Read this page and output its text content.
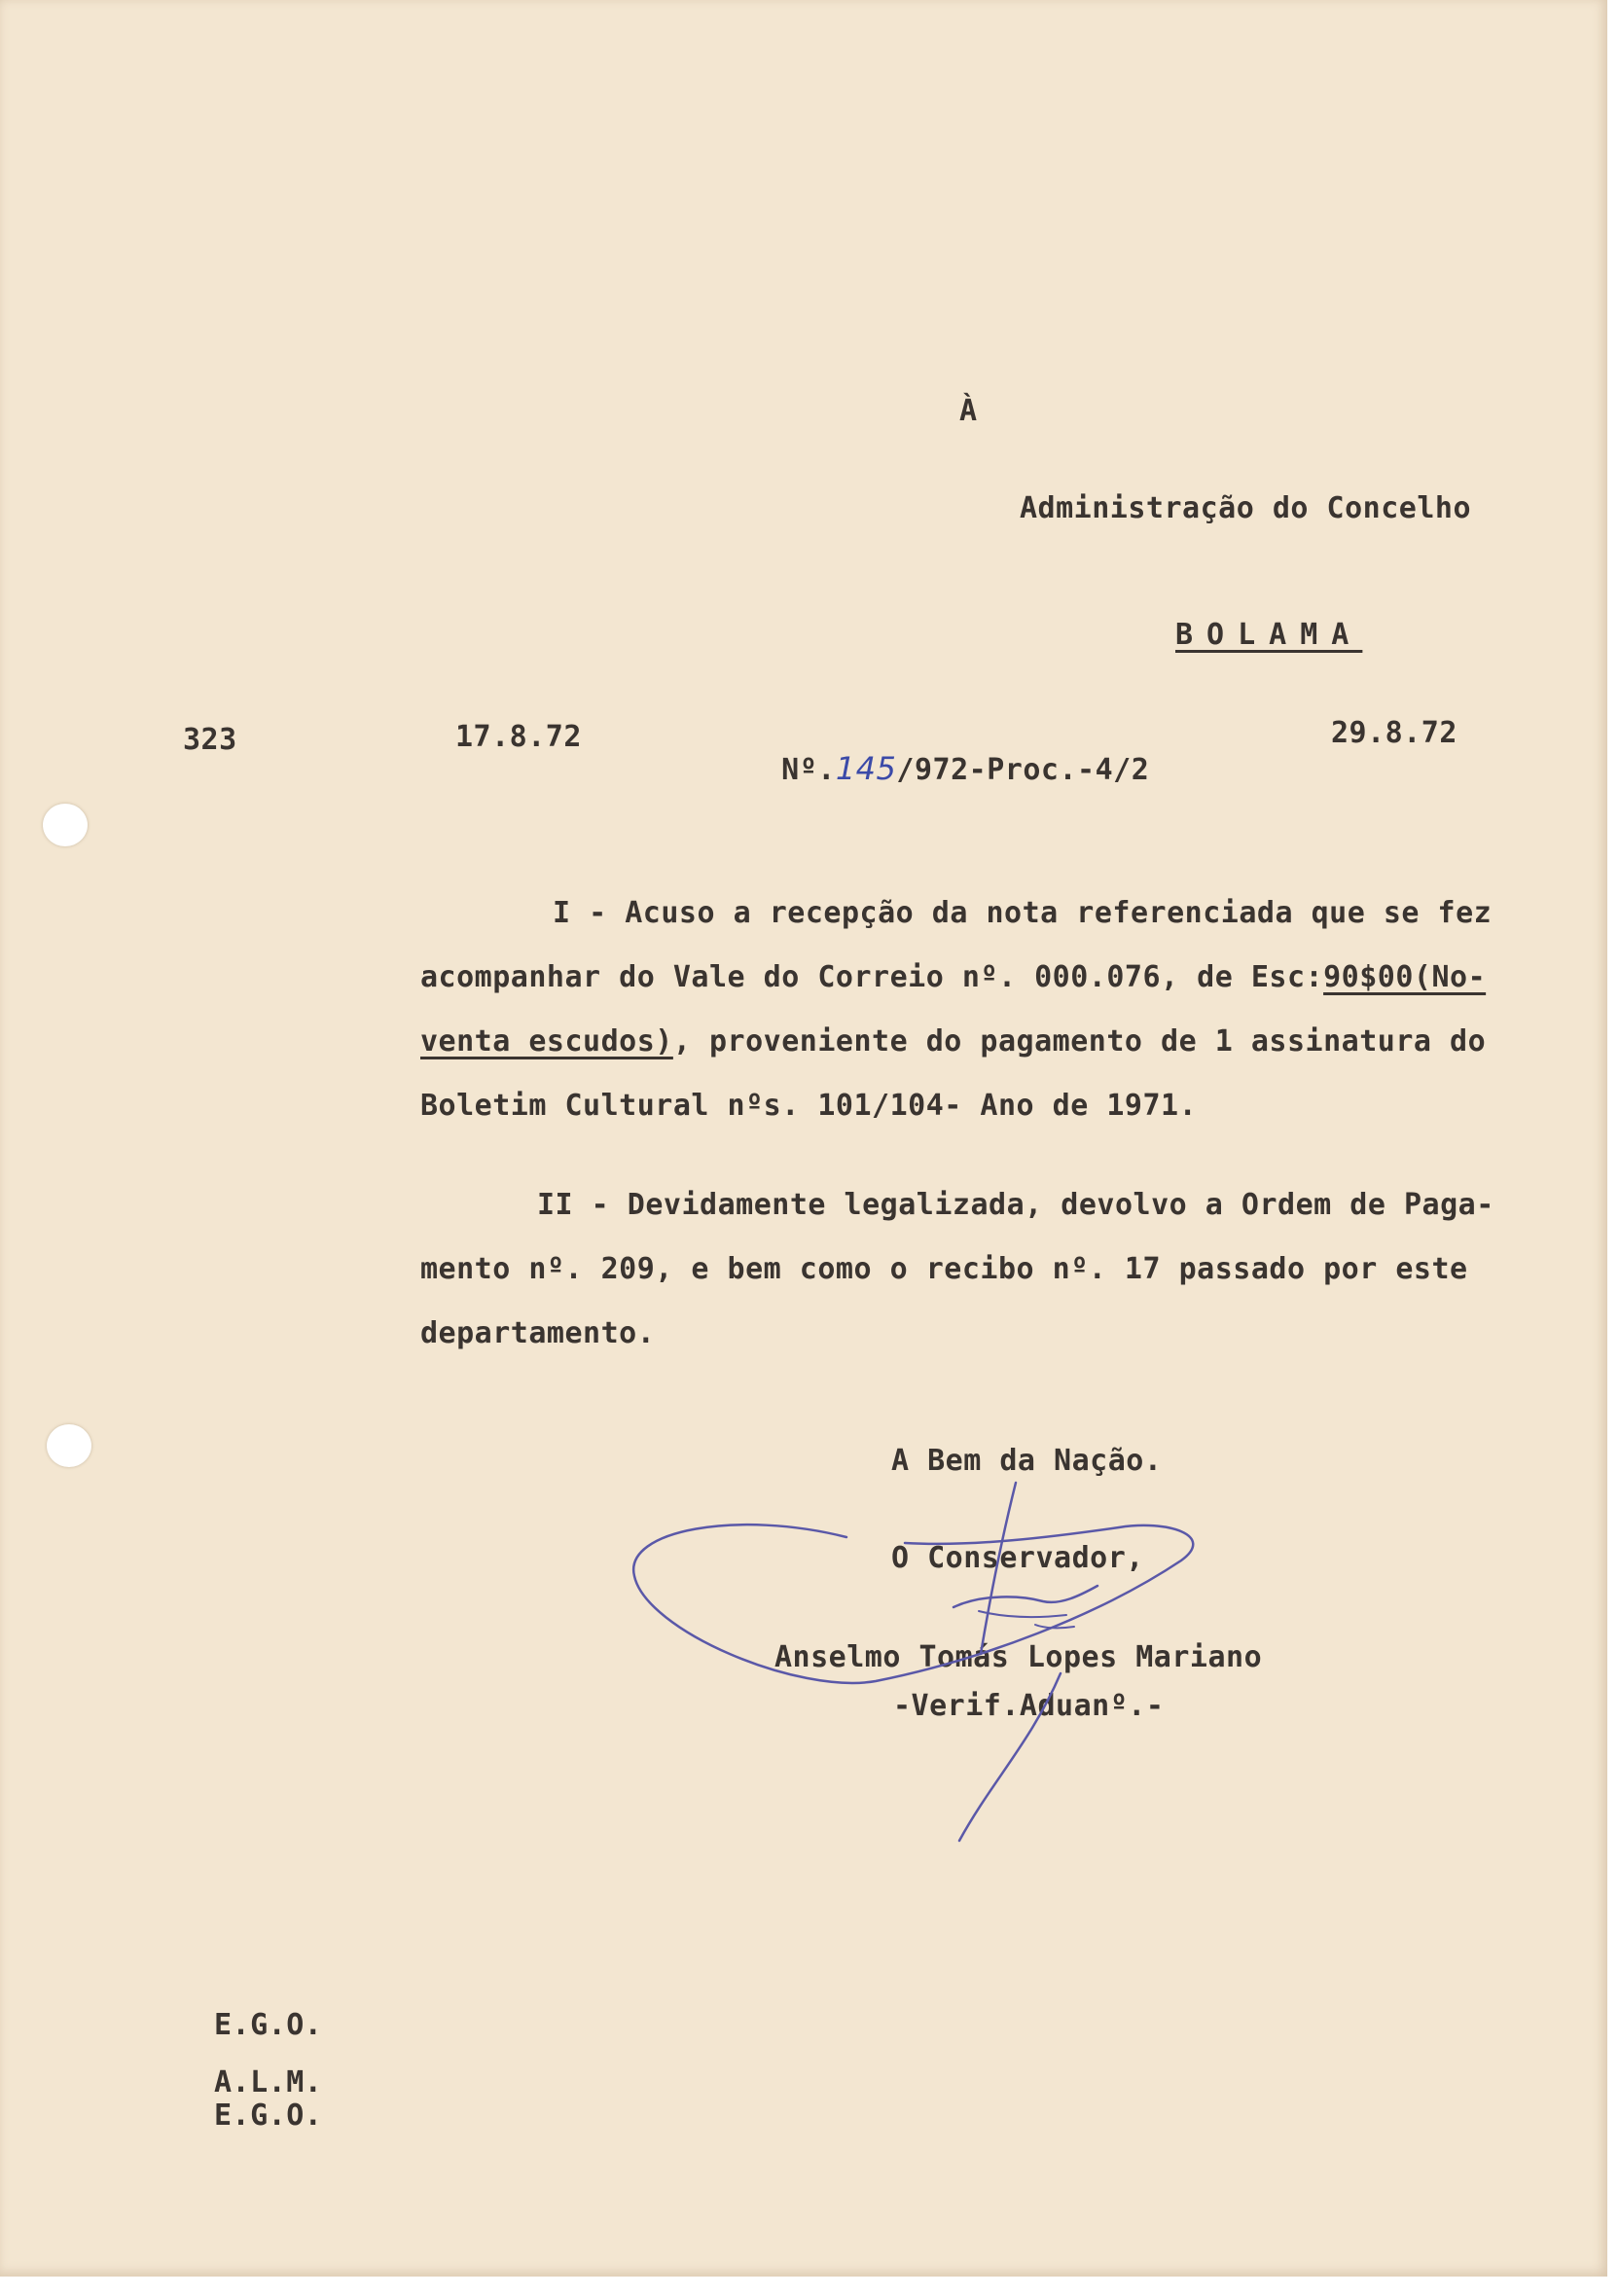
À
Administração do Concelho
BOLAMA
323	17.8.72

Nº.145/972-Proc.-4/2

29.8.72
I - Acuso a recepção da nota referenciada que se fez
acompanhar do Vale do Correio nº. 000.076, de Esc:90$00(No-
venta escudos), proveniente do pagamento de 1 assinatura do
Boletim Cultural nºs. 101/104- Ano de 1971.
II - Devidamente legalizada, devolvo a Ordem de Paga-
mento nº. 209, e bem como o recibo nº. 17 passado por este
departamento.
A Bem da Nação.
O Conservador,
Anselmo Tomás Lopes Mariano
-Verif.Aduanº.-
E.G.O.
A.L.M.
E.G.O.
